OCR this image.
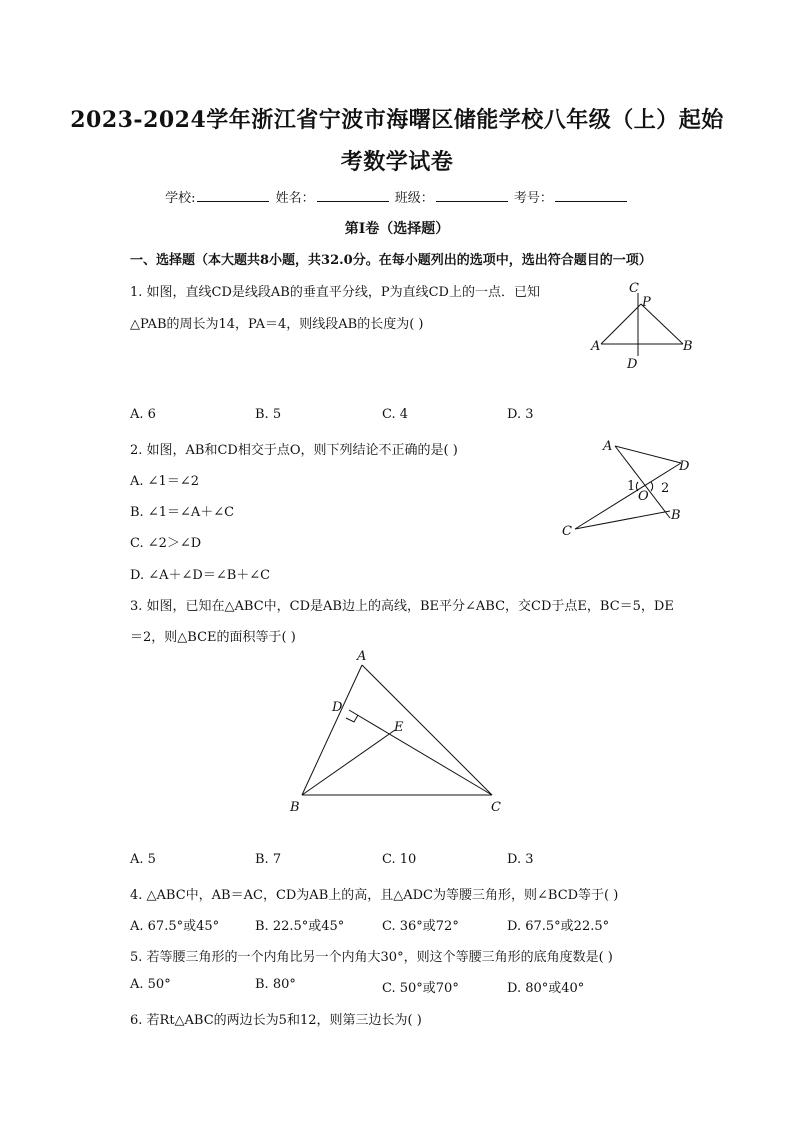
2023-2024学年浙江省宁波市海曙区储能学校八年级（上）起始
考数学试卷
学校:	姓名：	班级：	考号：
第I卷（选择题）
一、选择题（本大题共8小题，共32.0分。在每小题列出的选项中，选出符合题目的一项）
1. 如图，直线CD是线段AB的垂直平分线，P为直线CD上的一点．已知
△PAB的周长为14，PA＝4，则线段AB的长度为( )
C
P
A	B
D
A. 6	B. 5	C. 4	D. 3
2. 如图，AB和CD相交于点O，则下列结论不正确的是( )
A. ∠1＝∠2
B. ∠1＝∠A＋∠C
C. ∠2＞∠D
D. ∠A＋∠D＝∠B＋∠C
A
D
1 2
O
B
C
3. 如图，已知在△ABC中，CD是AB边上的高线，BE平分∠ABC，交CD于点E，BC＝5，DE
＝2，则△BCE的面积等于( )
A
D
E
B	C
A. 5	B. 7	C. 10	D. 3
4. △ABC中，AB＝AC，CD为AB上的高，且△ADC为等腰三角形，则∠BCD等于( )
A. 67.5°或45°	B. 22.5°或45°	C. 36°或72°	D. 67.5°或22.5°
5. 若等腰三角形的一个内角比另一个内角大30°，则这个等腰三角形的底角度数是( )
A. 50°	B. 80°	C. 50°或70°	D. 80°或40°
6. 若Rt△ABC的两边长为5和12，则第三边长为( )
